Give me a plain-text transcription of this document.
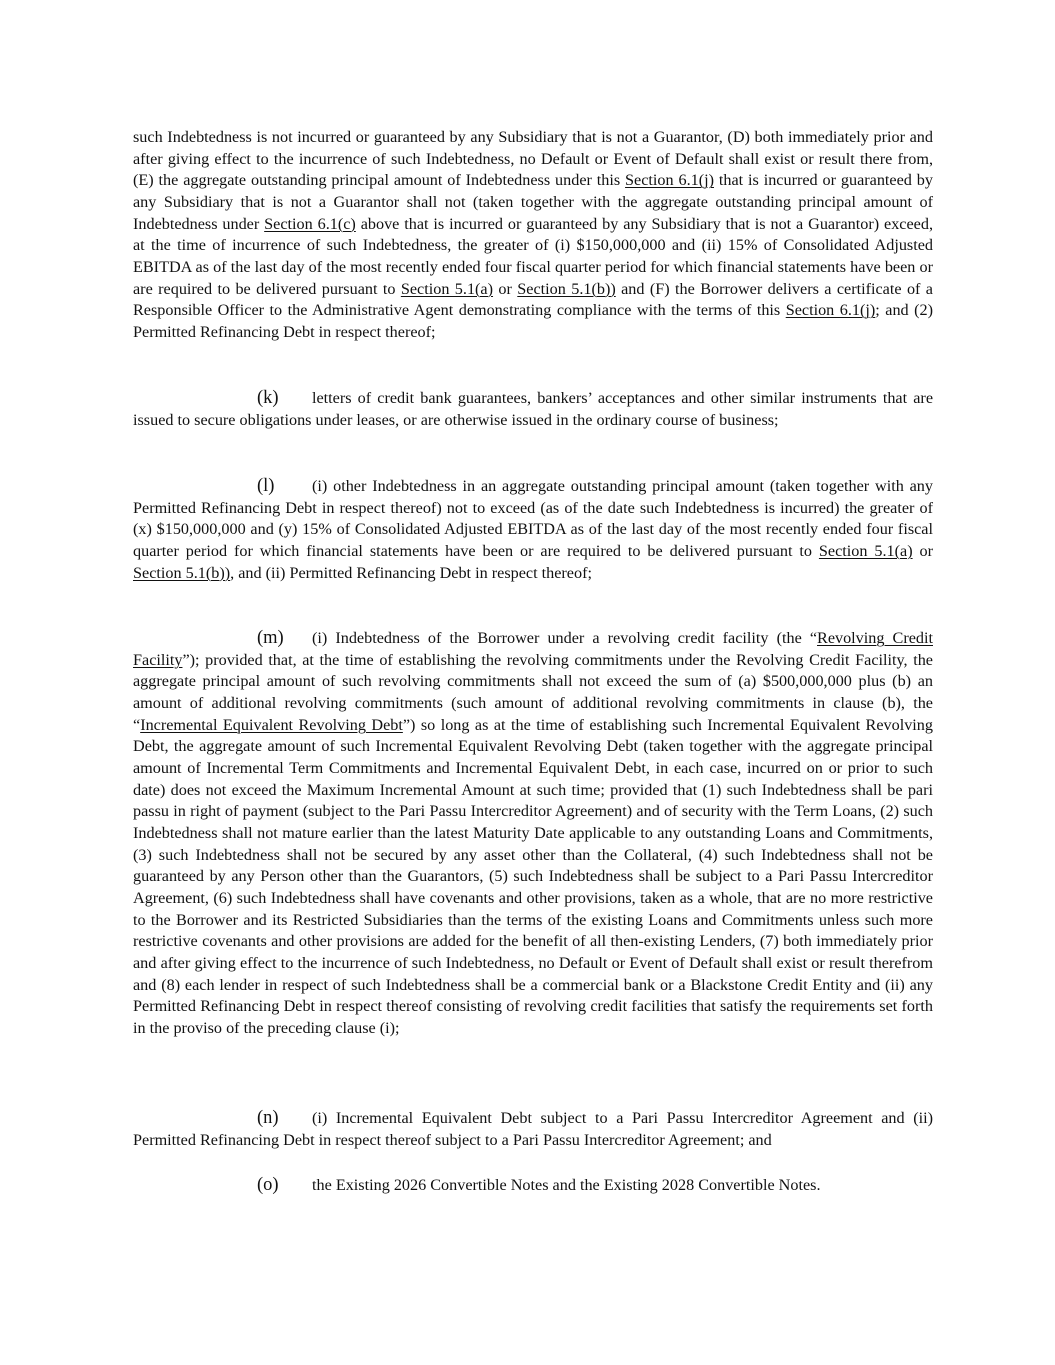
such Indebtedness is not incurred or guaranteed by any Subsidiary that is not a Guarantor, (D) both immediately prior and after giving effect to the incurrence of such Indebtedness, no Default or Event of Default shall exist or result there from, (E) the aggregate outstanding principal amount of Indebtedness under this Section 6.1(j) that is incurred or guaranteed by any Subsidiary that is not a Guarantor shall not (taken together with the aggregate outstanding principal amount of Indebtedness under Section 6.1(c) above that is incurred or guaranteed by any Subsidiary that is not a Guarantor) exceed, at the time of incurrence of such Indebtedness, the greater of (i) $150,000,000 and (ii) 15% of Consolidated Adjusted EBITDA as of the last day of the most recently ended four fiscal quarter period for which financial statements have been or are required to be delivered pursuant to Section 5.1(a) or Section 5.1(b)) and (F) the Borrower delivers a certificate of a Responsible Officer to the Administrative Agent demonstrating compliance with the terms of this Section 6.1(j); and (2) Permitted Refinancing Debt in respect thereof;

(k) letters of credit bank guarantees, bankers’ acceptances and other similar instruments that are issued to secure obligations under leases, or are otherwise issued in the ordinary course of business;

(l) (i) other Indebtedness in an aggregate outstanding principal amount (taken together with any Permitted Refinancing Debt in respect thereof) not to exceed (as of the date such Indebtedness is incurred) the greater of (x) $150,000,000 and (y) 15% of Consolidated Adjusted EBITDA as of the last day of the most recently ended four fiscal quarter period for which financial statements have been or are required to be delivered pursuant to Section 5.1(a) or Section 5.1(b)), and (ii) Permitted Refinancing Debt in respect thereof;

(m) (i) Indebtedness of the Borrower under a revolving credit facility (the “Revolving Credit Facility”); provided that, at the time of establishing the revolving commitments under the Revolving Credit Facility, the aggregate principal amount of such revolving commitments shall not exceed the sum of (a) $500,000,000 plus (b) an amount of additional revolving commitments (such amount of additional revolving commitments in clause (b), the “Incremental Equivalent Revolving Debt”) so long as at the time of establishing such Incremental Equivalent Revolving Debt, the aggregate amount of such Incremental Equivalent Revolving Debt (taken together with the aggregate principal amount of Incremental Term Commitments and Incremental Equivalent Debt, in each case, incurred on or prior to such date) does not exceed the Maximum Incremental Amount at such time; provided that (1) such Indebtedness shall be pari passu in right of payment (subject to the Pari Passu Intercreditor Agreement) and of security with the Term Loans, (2) such Indebtedness shall not mature earlier than the latest Maturity Date applicable to any outstanding Loans and Commitments, (3) such Indebtedness shall not be secured by any asset other than the Collateral, (4) such Indebtedness shall not be guaranteed by any Person other than the Guarantors, (5) such Indebtedness shall be subject to a Pari Passu Intercreditor Agreement, (6) such Indebtedness shall have covenants and other provisions, taken as a whole, that are no more restrictive to the Borrower and its Restricted Subsidiaries than the terms of the existing Loans and Commitments unless such more restrictive covenants and other provisions are added for the benefit of all then-existing Lenders, (7) both immediately prior and after giving effect to the incurrence of such Indebtedness, no Default or Event of Default shall exist or result therefrom and (8) each lender in respect of such Indebtedness shall be a commercial bank or a Blackstone Credit Entity and (ii) any Permitted Refinancing Debt in respect thereof consisting of revolving credit facilities that satisfy the requirements set forth in the proviso of the preceding clause (i);

(n) (i) Incremental Equivalent Debt subject to a Pari Passu Intercreditor Agreement and (ii) Permitted Refinancing Debt in respect thereof subject to a Pari Passu Intercreditor Agreement; and

(o) the Existing 2026 Convertible Notes and the Existing 2028 Convertible Notes.
